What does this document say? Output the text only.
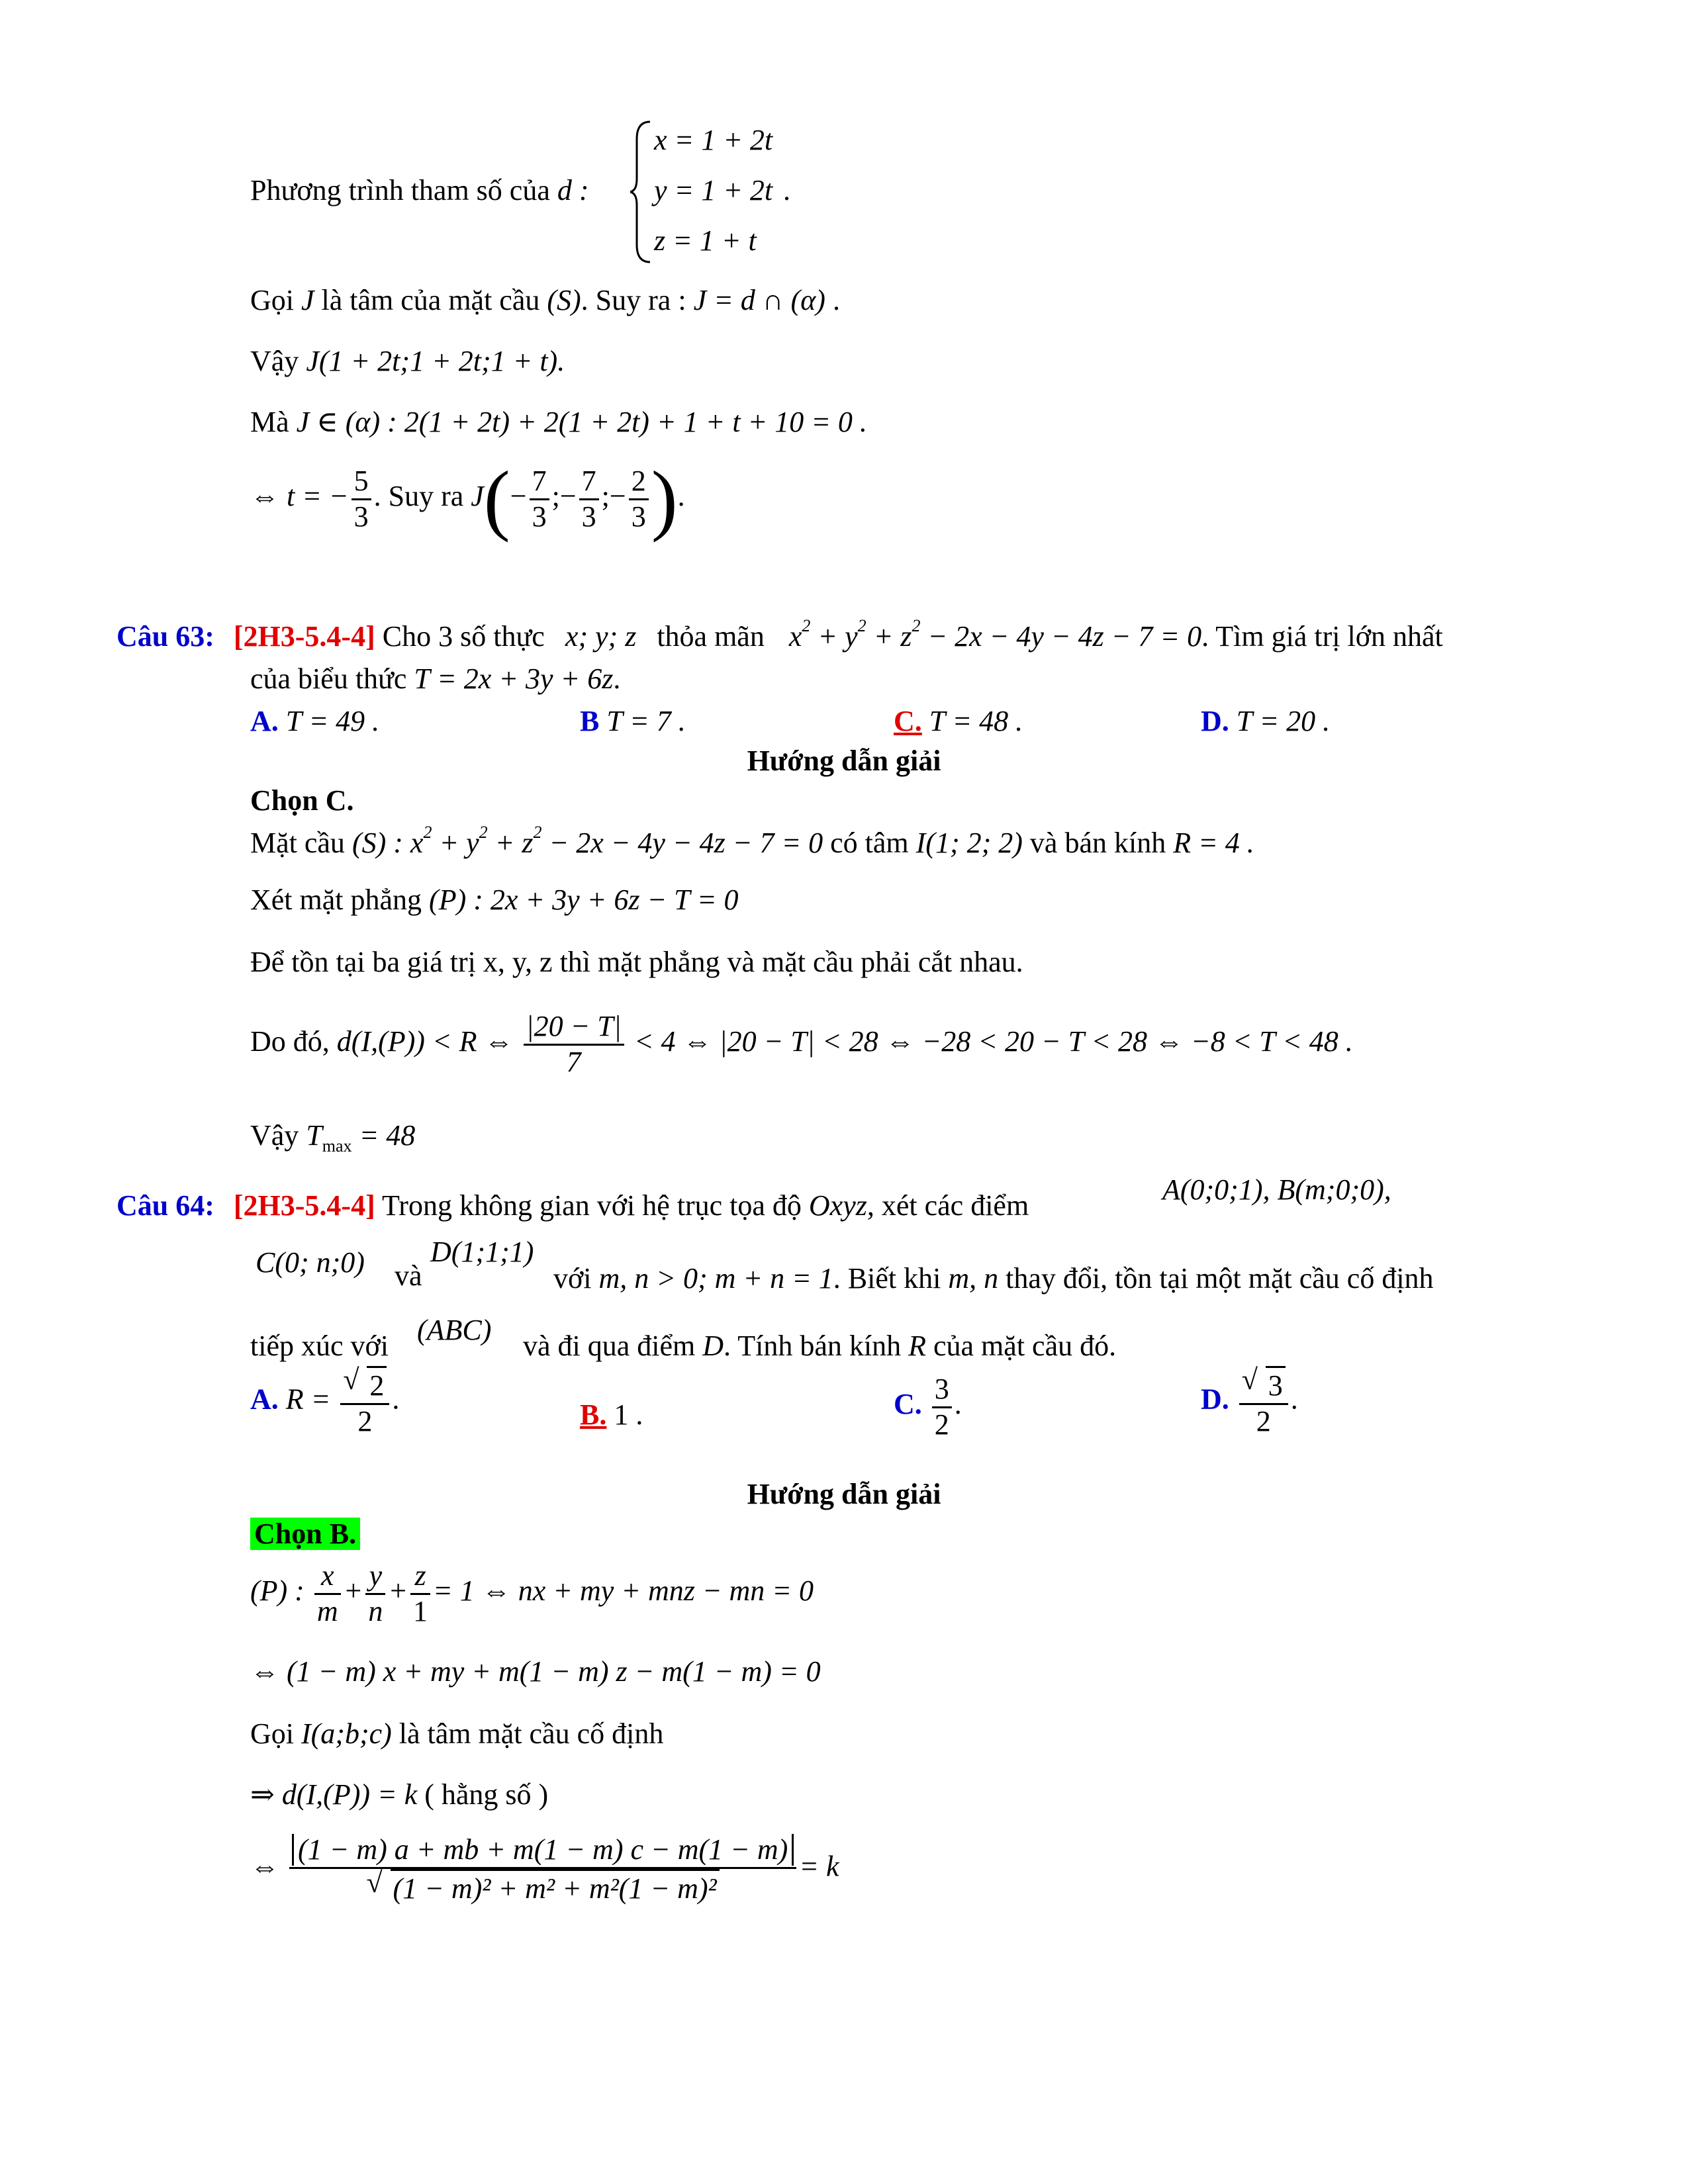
Phương trình tham số của d :
x = 1 + 2t
y = 1 + 2t .
z = 1 + t
Gọi J là tâm của mặt cầu (S). Suy ra : J = d ∩ (α) .
Vậy J(1 + 2t;1 + 2t;1 + t).
Mà J ∈ (α) : 2(1 + 2t) + 2(1 + 2t) + 1 + t + 10 = 0 .
⇔ t = − $\frac{5}{3}$ . Suy ra $J(- \frac{7}{3}$ ;− $\frac{7}{3}$ ;− $\frac{2}{3}$ ).
Câu 63: [2H3-5.4-4] Cho 3 số thực x; y; z thỏa mãn $x^2 + y^2 + z^2 - 2x - 4y - 4z - 7 = 0$. Tìm giá trị lớn nhất
của biểu thức T = 2x + 3y + 6z.
A. T = 49 .	B T = 7 .	C. T = 48 .	D. T = 20 .
Hướng dẫn giải
Chọn C.
Mặt cầu (S) : $x^2 + y^2 + z^2 - 2x - 4y - 4z - 7 = 0$ có tâm I(1; 2; 2) và bán kính R = 4 .
Xét mặt phẳng (P) : 2x + 3y + 6z − T = 0
Để tồn tại ba giá trị x, y, z thì mặt phẳng và mặt cầu phải cắt nhau.
Do đó, d(I,(P)) < R ⇔ $\frac{|20 - T|}{7} < 4$ ⇔ |20 − T| < 28 ⇔ −28 < 20 − T < 28 ⇔ −8 < T < 48 .
Vậy $T_{max} = 48$
Câu 64: [2H3-5.4-4] Trong không gian với hệ trục tọa độ Oxyz, xét các điểm	A(0;0;1), B(m;0;0),
C(0; n;0) và
D(1;1;1)
với m, n > 0; m + n = 1. Biết khi m, n thay đổi, tồn tại một mặt cầu cố định
tiếp xúc với (ABC) và đi qua điểm D. Tính bán kính R của mặt cầu đó.
A. $R = \frac{√ 2}{2}$ .	B. 1 .	C. $\frac{3}{2}$ .	D. $\frac{√ 3}{2}$ .
Hướng dẫn giải
Chọn B.
(P) : $\frac{x}{m} + \frac{y}{n} + \frac{z}{1} = 1$ ⇔ nx + my + mnz − mn = 0
⇔ (1 − m) x + my + m(1 − m) z − m(1 − m) = 0
Gọi I(a;b;c) là tâm mặt cầu cố định
⇒ d(I,(P)) = k ( hằng số )
⇔ $\frac{(1 - m) a + mb + m(1 - m) c - m(1 - m)}{\text{√ (1 − m)² + m² + m²(1 − m)²}} = k$
